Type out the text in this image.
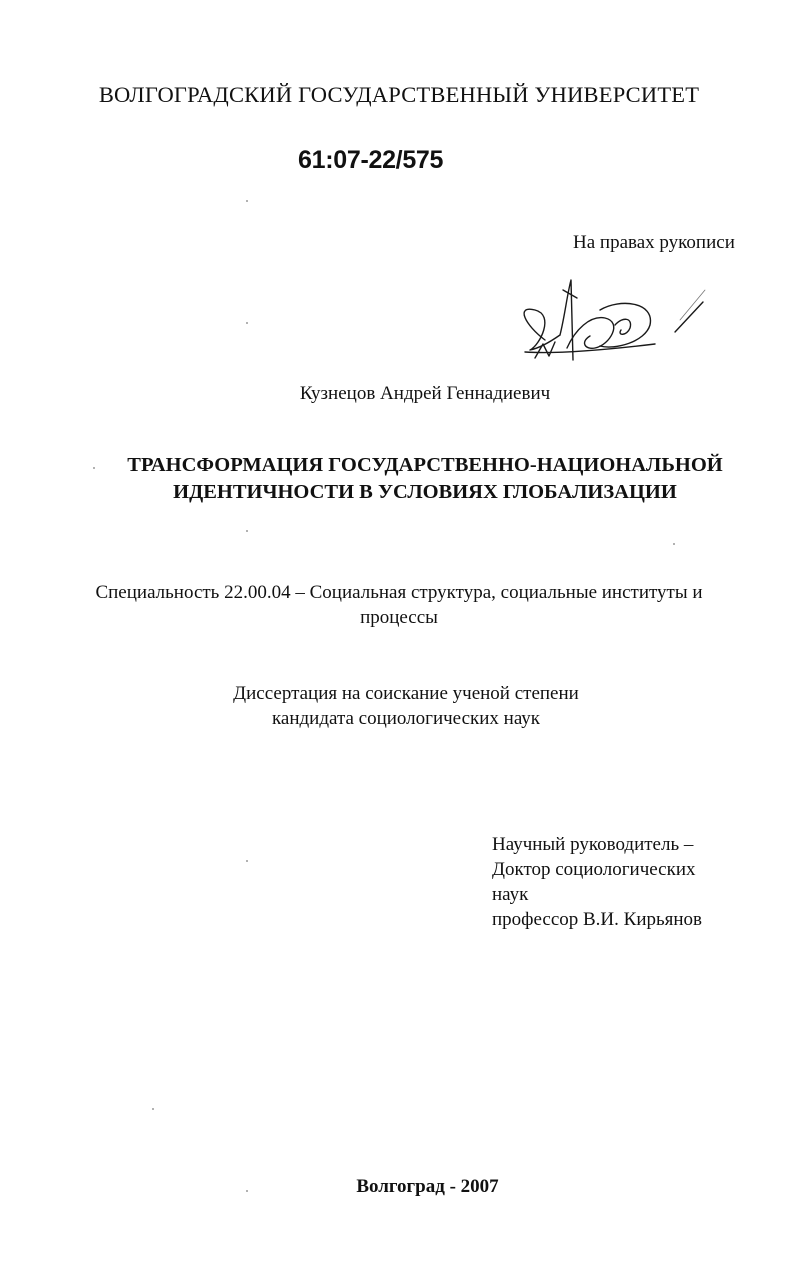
ВОЛГОГРАДСКИЙ ГОСУДАРСТВЕННЫЙ УНИВЕРСИТЕТ
61:07-22/575
На правах рукописи
Кузнецов Андрей Геннадиевич
ТРАНСФОРМАЦИЯ ГОСУДАРСТВЕННО-НАЦИОНАЛЬНОЙ
ИДЕНТИЧНОСТИ В УСЛОВИЯХ ГЛОБАЛИЗАЦИИ
Специальность 22.00.04 – Социальная структура, социальные институты и
процессы
Диссертация на соискание ученой степени
кандидата социологических наук
Научный руководитель –
Доктор социологических
наук
профессор В.И. Кирьянов
Волгоград - 2007
